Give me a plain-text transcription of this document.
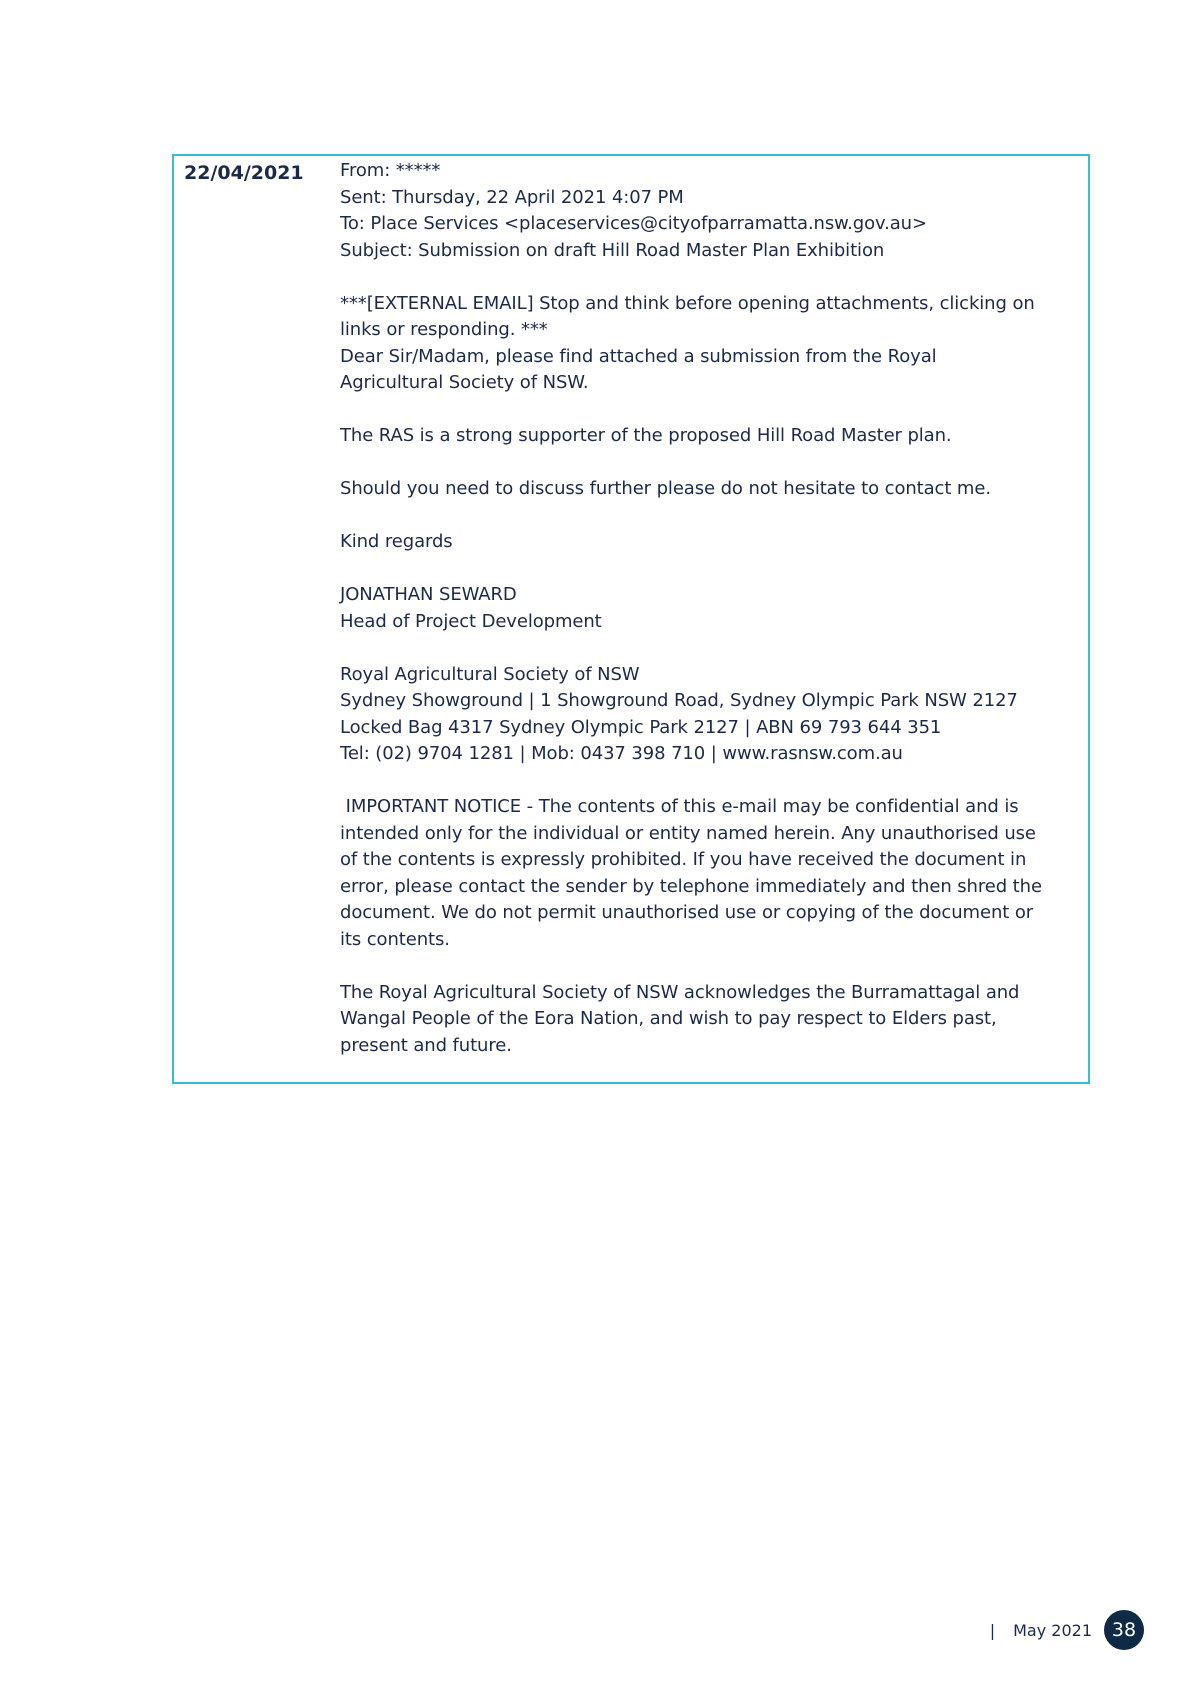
22/04/2021 From: *****
Sent: Thursday, 22 April 2021 4:07 PM
To: Place Services <placeservices@cityofparramatta.nsw.gov.au>
Subject: Submission on draft Hill Road Master Plan Exhibition
***[EXTERNAL EMAIL] Stop and think before opening attachments, clicking on
links or responding. ***
Dear Sir/Madam, please find attached a submission from the Royal
Agricultural Society of NSW.
The RAS is a strong supporter of the proposed Hill Road Master plan.
Should you need to discuss further please do not hesitate to contact me.
Kind regards
JONATHAN SEWARD
Head of Project Development
Royal Agricultural Society of NSW
Sydney Showground | 1 Showground Road, Sydney Olympic Park NSW 2127
Locked Bag 4317 Sydney Olympic Park 2127 | ABN 69 793 644 351
Tel: (02) 9704 1281 | Mob: 0437 398 710 | www.rasnsw.com.au
IMPORTANT NOTICE - The contents of this e-mail may be confidential and is
intended only for the individual or entity named herein. Any unauthorised use
of the contents is expressly prohibited. If you have received the document in
error, please contact the sender by telephone immediately and then shred the
document. We do not permit unauthorised use or copying of the document or
its contents.
The Royal Agricultural Society of NSW acknowledges the Burramattagal and
Wangal People of the Eora Nation, and wish to pay respect to Elders past,
present and future.
| May 2021	38
